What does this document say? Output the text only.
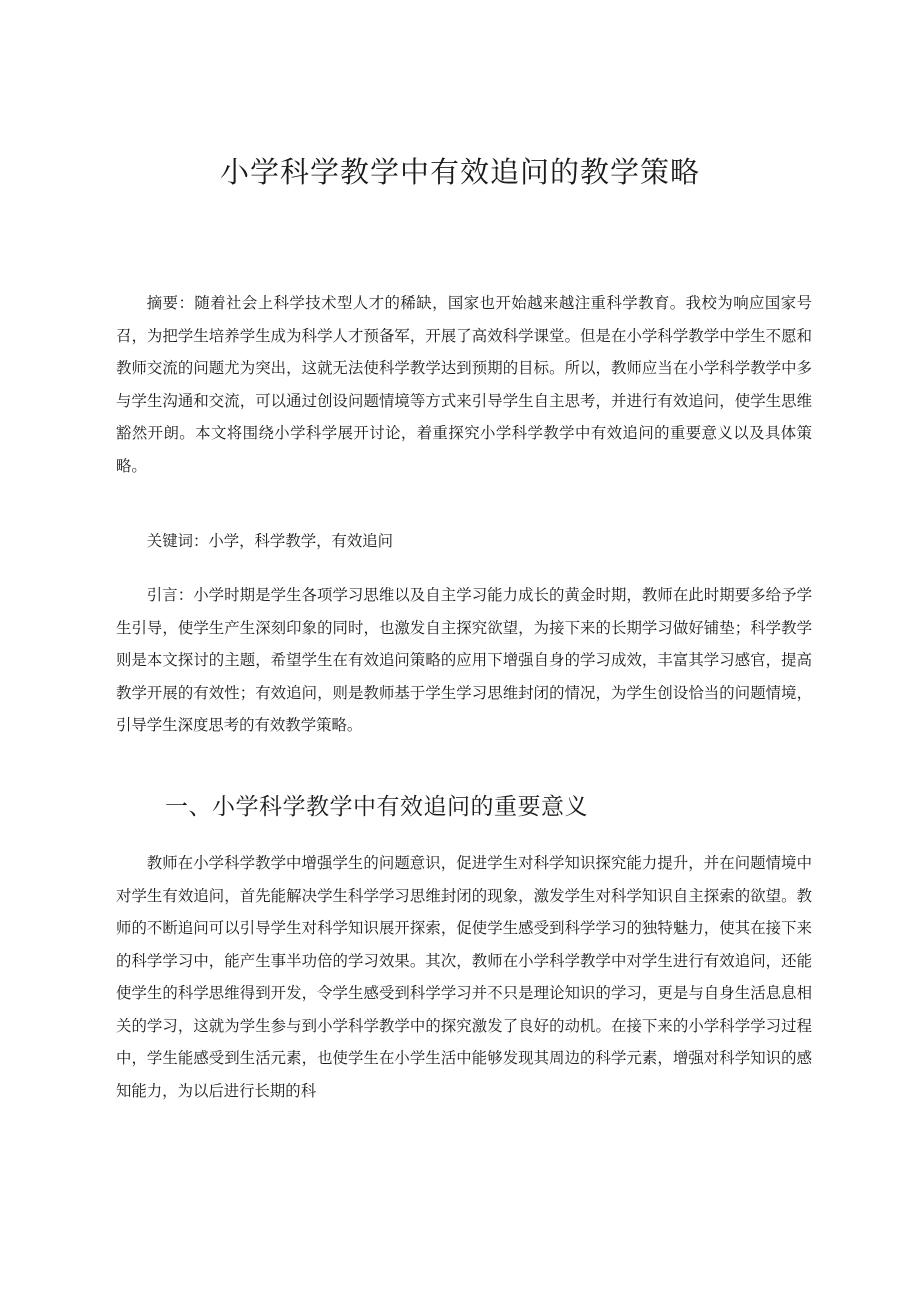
小学科学教学中有效追问的教学策略

摘要：随着社会上科学技术型人才的稀缺，国家也开始越来越注重科学教育。我校为响应国家号召，为把学生培养学生成为科学人才预备军，开展了高效科学课堂。但是在小学科学教学中学生不愿和教师交流的问题尤为突出，这就无法使科学教学达到预期的目标。所以，教师应当在小学科学教学中多与学生沟通和交流，可以通过创设问题情境等方式来引导学生自主思考，并进行有效追问，使学生思维豁然开朗。本文将围绕小学科学展开讨论，着重探究小学科学教学中有效追问的重要意义以及具体策略。

关键词：小学，科学教学，有效追问

引言：小学时期是学生各项学习思维以及自主学习能力成长的黄金时期，教师在此时期要多给予学生引导，使学生产生深刻印象的同时，也激发自主探究欲望，为接下来的长期学习做好铺垫；科学教学则是本文探讨的主题，希望学生在有效追问策略的应用下增强自身的学习成效，丰富其学习感官，提高教学开展的有效性；有效追问，则是教师基于学生学习思维封闭的情况，为学生创设恰当的问题情境，引导学生深度思考的有效教学策略。

一、小学科学教学中有效追问的重要意义

教师在小学科学教学中增强学生的问题意识，促进学生对科学知识探究能力提升，并在问题情境中对学生有效追问，首先能解决学生科学学习思维封闭的现象，激发学生对科学知识自主探索的欲望。教师的不断追问可以引导学生对科学知识展开探索，促使学生感受到科学学习的独特魅力，使其在接下来的科学学习中，能产生事半功倍的学习效果。其次，教师在小学科学教学中对学生进行有效追问，还能使学生的科学思维得到开发，令学生感受到科学学习并不只是理论知识的学习，更是与自身生活息息相关的学习，这就为学生参与到小学科学教学中的探究激发了良好的动机。在接下来的小学科学学习过程中，学生能感受到生活元素，也使学生在小学生活中能够发现其周边的科学元素，增强对科学知识的感知能力，为以后进行长期的科
